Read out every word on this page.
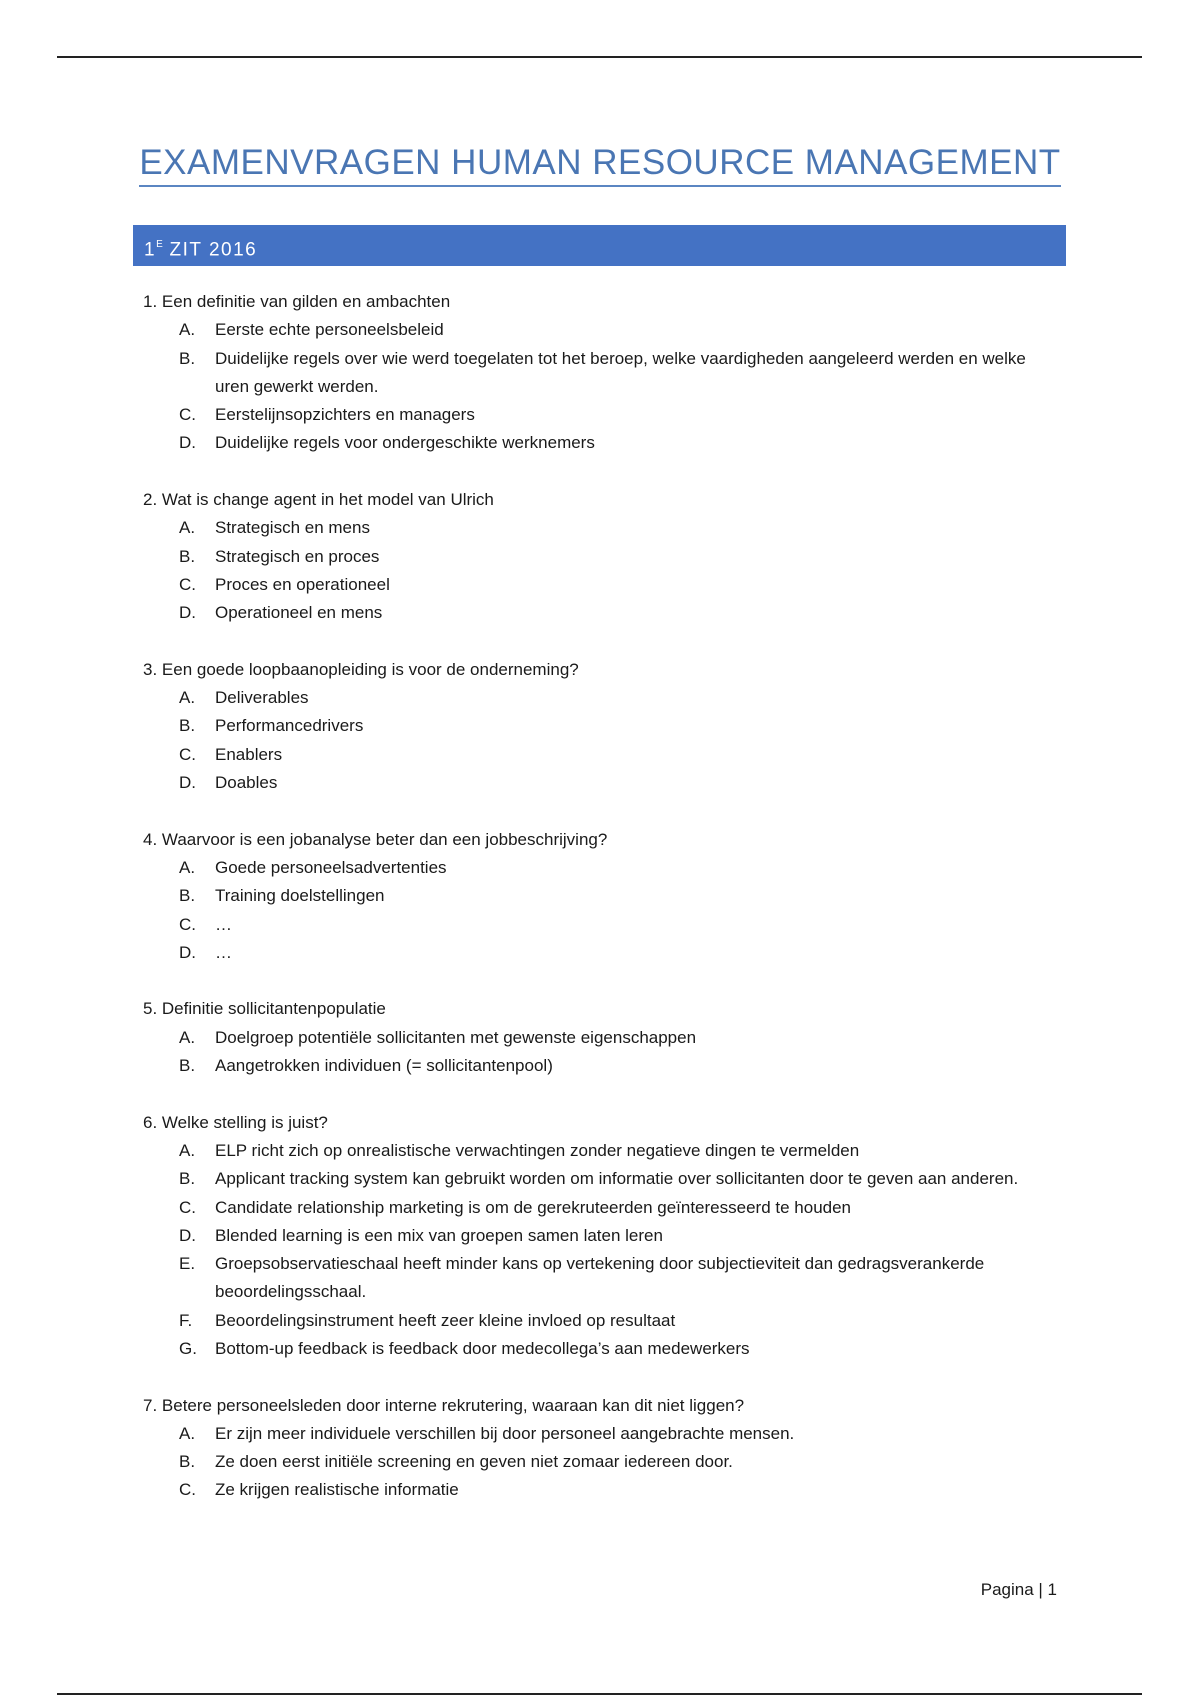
EXAMENVRAGEN HUMAN RESOURCE MANAGEMENT
$1^E$ ZIT 2016

1. Een definitie van gilden en ambachten

A. Eerste echte personeelsbeleid
B. Duidelijke regels over wie werd toegelaten tot het beroep, welke vaardigheden aangeleerd werden en welke uren gewerkt werden.
C. Eerstelijnsopzichters en managers
D. Duidelijke regels voor ondergeschikte werknemers

2. Wat is change agent in het model van Ulrich

A. Strategisch en mens
B. Strategisch en proces
C. Proces en operationeel
D. Operationeel en mens

3. Een goede loopbaanopleiding is voor de onderneming?

A. Deliverables
B. Performancedrivers
C. Enablers
D. Doables

4. Waarvoor is een jobanalyse beter dan een jobbeschrijving?

A. Goede personeelsadvertenties
B. Training doelstellingen
C. …
D. …

5. Definitie sollicitantenpopulatie

A. Doelgroep potentiële sollicitanten met gewenste eigenschappen
B. Aangetrokken individuen (= sollicitantenpool)

6. Welke stelling is juist?

A. ELP richt zich op onrealistische verwachtingen zonder negatieve dingen te vermelden
B. Applicant tracking system kan gebruikt worden om informatie over sollicitanten door te geven aan anderen.
C. Candidate relationship marketing is om de gerekruteerden geïnteresseerd te houden
D. Blended learning is een mix van groepen samen laten leren
E. Groepsobservatieschaal heeft minder kans op vertekening door subjectieviteit dan gedragsverankerde beoordelingsschaal.
F. Beoordelingsinstrument heeft zeer kleine invloed op resultaat
G. Bottom-up feedback is feedback door medecollega’s aan medewerkers

7. Betere personeelsleden door interne rekrutering, waaraan kan dit niet liggen?

A. Er zijn meer individuele verschillen bij door personeel aangebrachte mensen.
B. Ze doen eerst initiële screening en geven niet zomaar iedereen door.
C. Ze krijgen realistische informatie
Pagina | 1
